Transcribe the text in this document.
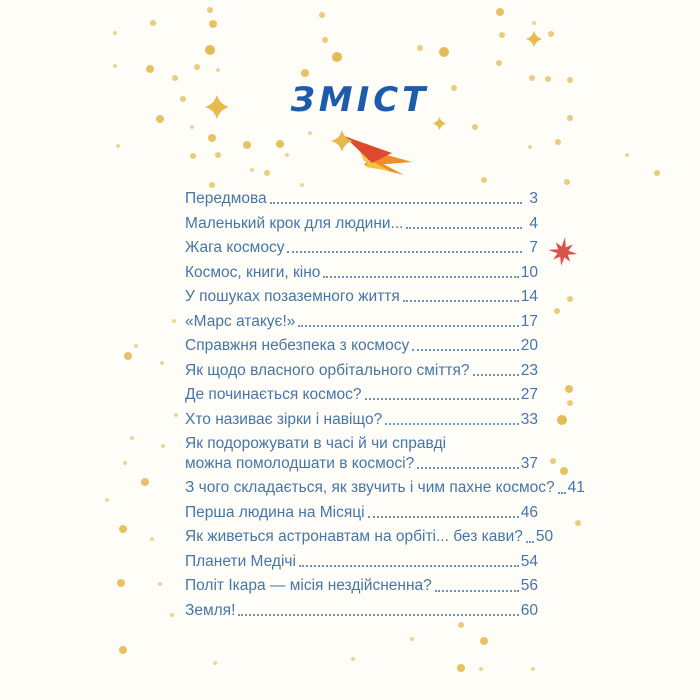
ЗМІСТ
Передмова	3
Маленький крок для людини...	4
Жага космосу	7
Космос, книги, кіно	10
У пошуках позаземного життя	14
«Марс атакує!»	17
Справжня небезпека з космосу	20
Як щодо власного орбітального сміття?	23
Де починається космос?	27
Хто називає зірки і навіщо?	33
Як подорожувати в часі й чи справді
можна помолодшати в космосі?	37
З чого складається, як звучить і чим пахне космос? 41
Перша людина на Місяці	46
Як живеться астронавтам на орбіті... без кави? 50
Планети Медічі	54
Політ Ікара — місія нездійсненна?	56
Земля!	60
